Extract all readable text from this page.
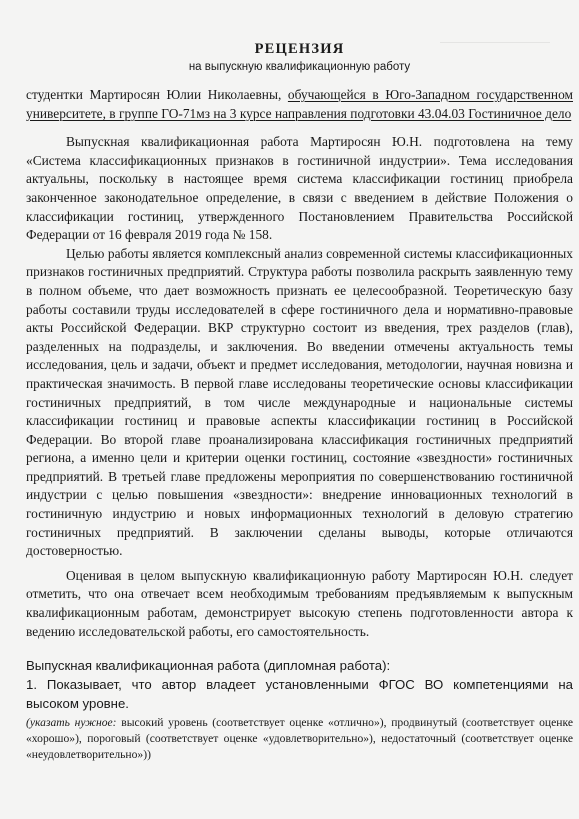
РЕЦЕНЗИЯ
на выпускную квалификационную работу

студентки Мартиросян Юлии Николаевны, обучающейся в Юго-Западном государственном университете, в группе ГО-71мз на 3 курсе направления подготовки 43.04.03 Гостиничное дело

Выпускная квалификационная работа Мартиросян Ю.Н. подготовлена на тему «Система классификационных признаков в гостиничной индустрии». Тема исследования актуальны, поскольку в настоящее время система классификации гостиниц приобрела законченное законодательное определение, в связи с введением в действие Положения о классификации гостиниц, утвержденного Постановлением Правительства Российской Федерации от 16 февраля 2019 года № 158.

Целью работы является комплексный анализ современной системы классификационных признаков гостиничных предприятий. Структура работы позволила раскрыть заявленную тему в полном объеме, что дает возможность признать ее целесообразной. Теоретическую базу работы составили труды исследователей в сфере гостиничного дела и нормативно-правовые акты Российской Федерации. ВКР структурно состоит из введения, трех разделов (глав), разделенных на подразделы, и заключения. Во введении отмечены актуальность темы исследования, цель и задачи, объект и предмет исследования, методологии, научная новизна и практическая значимость. В первой главе исследованы теоретические основы классификации гостиничных предприятий, в том числе международные и национальные системы классификации гостиниц и правовые аспекты классификации гостиниц в Российской Федерации. Во второй главе проанализирована классификация гостиничных предприятий региона, а именно цели и критерии оценки гостиниц, состояние «звездности» гостиничных предприятий. В третьей главе предложены мероприятия по совершенствованию гостиничной индустрии с целью повышения «звездности»: внедрение инновационных технологий в гостиничную индустрию и новых информационных технологий в деловую стратегию гостиничных предприятий. В заключении сделаны выводы, которые отличаются достоверностью.

Оценивая в целом выпускную квалификационную работу Мартиросян Ю.Н. следует отметить, что она отвечает всем необходимым требованиям предъявляемым к выпускным квалификационным работам, демонстрирует высокую степень подготовленности автора к ведению исследовательской работы, его самостоятельность.

Выпускная квалификационная работа (дипломная работа):

1. Показывает, что автор владеет установленными ФГОС ВО компетенциями на высоком уровне.

(указать нужное: высокий уровень (соответствует оценке «отлично»), продвинутый (соответствует оценке «хорошо»), пороговый (соответствует оценке «удовлетворительно»), недостаточный (соответствует оценке «неудовлетворительно»))
